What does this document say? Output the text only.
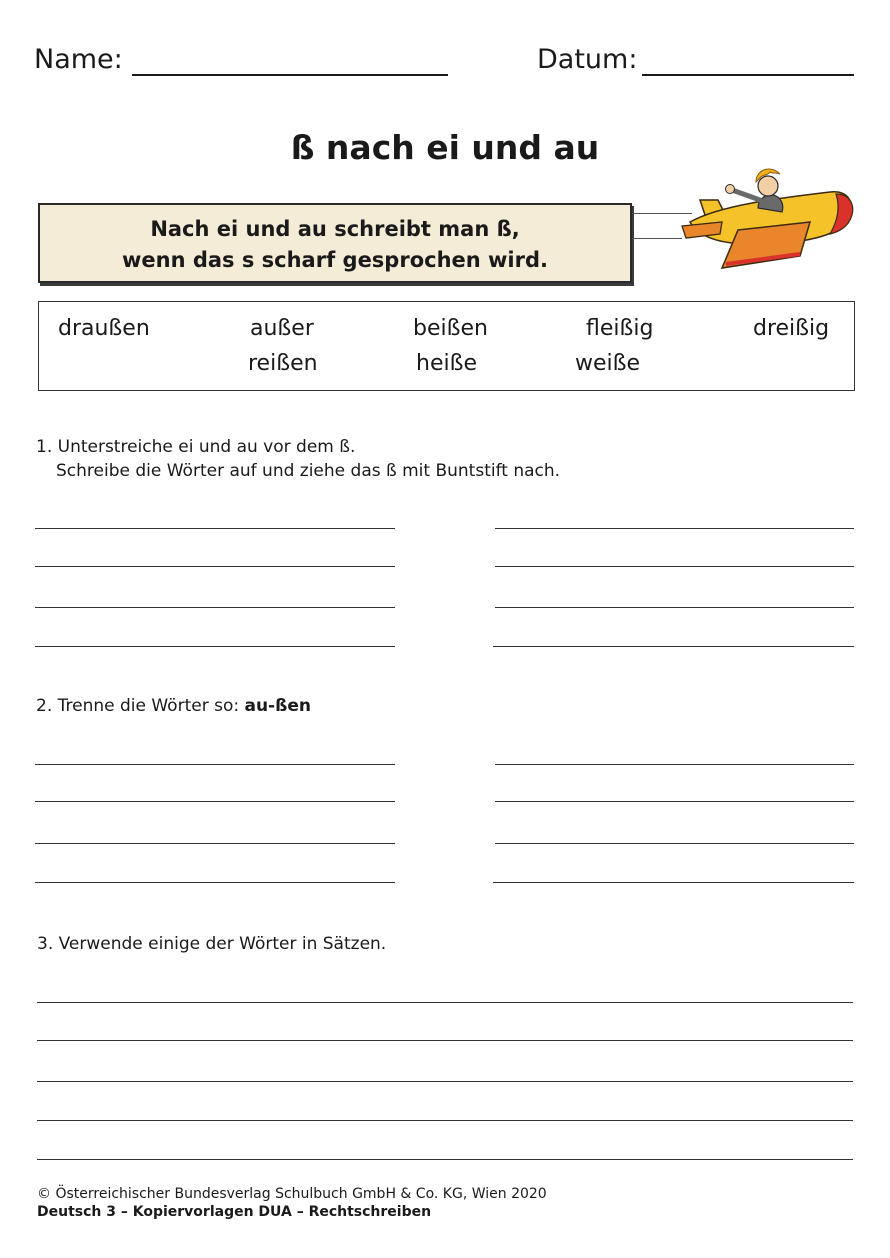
Name:	Datum:
ß nach ei und au
Nach ei und au schreibt man ß,
wenn das s scharf gesprochen wird.
draußen	außer	beißen	fleißig	dreißig
reißen	heiße	weiße
1. Unterstreiche ei und au vor dem ß.
Schreibe die Wörter auf und ziehe das ß mit Buntstift nach.
2. Trenne die Wörter so: au-ßen
3. Verwende einige der Wörter in Sätzen.
© Österreichischer Bundesverlag Schulbuch GmbH & Co. KG, Wien 2020
Deutsch 3 – Kopiervorlagen DUA – Rechtschreiben
